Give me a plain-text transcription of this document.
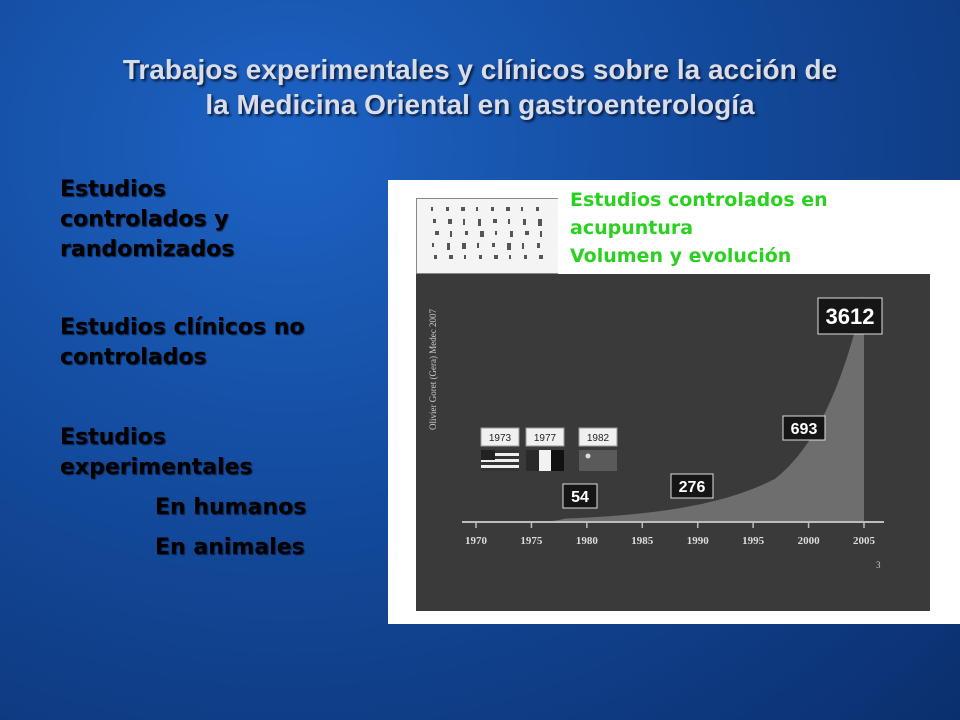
Trabajos experimentales y clínicos sobre la acción de
la Medicina Oriental en gastroenterología
Estudios
controlados y
randomizados
Estudios clínicos no
controlados
Estudios
experimentales
En humanos
En animales	1970	1975	1980	1985	1990	1995	2000	2005
54
276
693
3612
1973 1977	1982
Olivier Goret (Gera) Medec 2007
3
Estudios controlados en
acupuntura
Volumen y evolución
